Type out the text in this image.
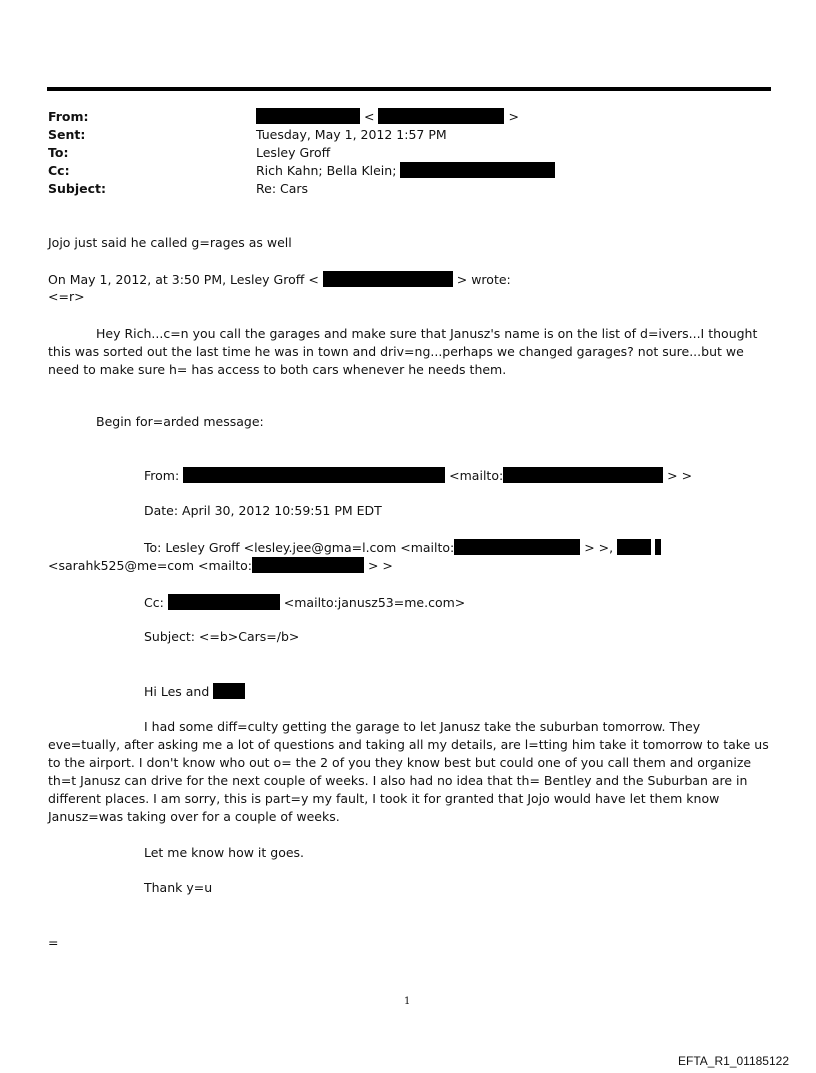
From:	<	>
Sent:	Tuesday, May 1, 2012 1:57 PM
To:	Lesley Groff
Cc:	Rich Kahn; Bella Klein;
Subject:	Re: Cars
Jojo just said he called g=rages as well
On May 1, 2012, at 3:50 PM, Lesley Groff <	> wrote:
<=r>
Hey Rich...c=n you call the garages and make sure that Janusz's name is on the list of d=ivers...I thought this was sorted out the last time he was in town and driv=ng...perhaps we changed garages? not sure...but we need to make sure h= has access to both cars whenever he needs them.
Begin for=arded message:
From:	<mailto:	> >
Date: April 30, 2012 10:59:51 PM EDT
To: Lesley Groff <lesley.jee@gma=l.com <mailto:	> >,
<sarahk525@me=com <mailto:	> >
Cc:	<mailto:janusz53=me.com>
Subject: <=b>Cars=/b>
Hi Les and
I had some diff=culty getting the garage to let Janusz take the suburban tomorrow. They eve=tually, after asking me a lot of questions and taking all my details, are l=tting him take it tomorrow to take us to the airport. I don't know who out o= the 2 of you they know best but could one of you call them and organize th=t Janusz can drive for the next couple of weeks. I also had no idea that th= Bentley and the Suburban are in different places. I am sorry, this is part=y my fault, I took it for granted that Jojo would have let them know Janusz=was taking over for a couple of weeks.
Let me know how it goes.
Thank y=u
=
1
EFTA_R1_01185122
